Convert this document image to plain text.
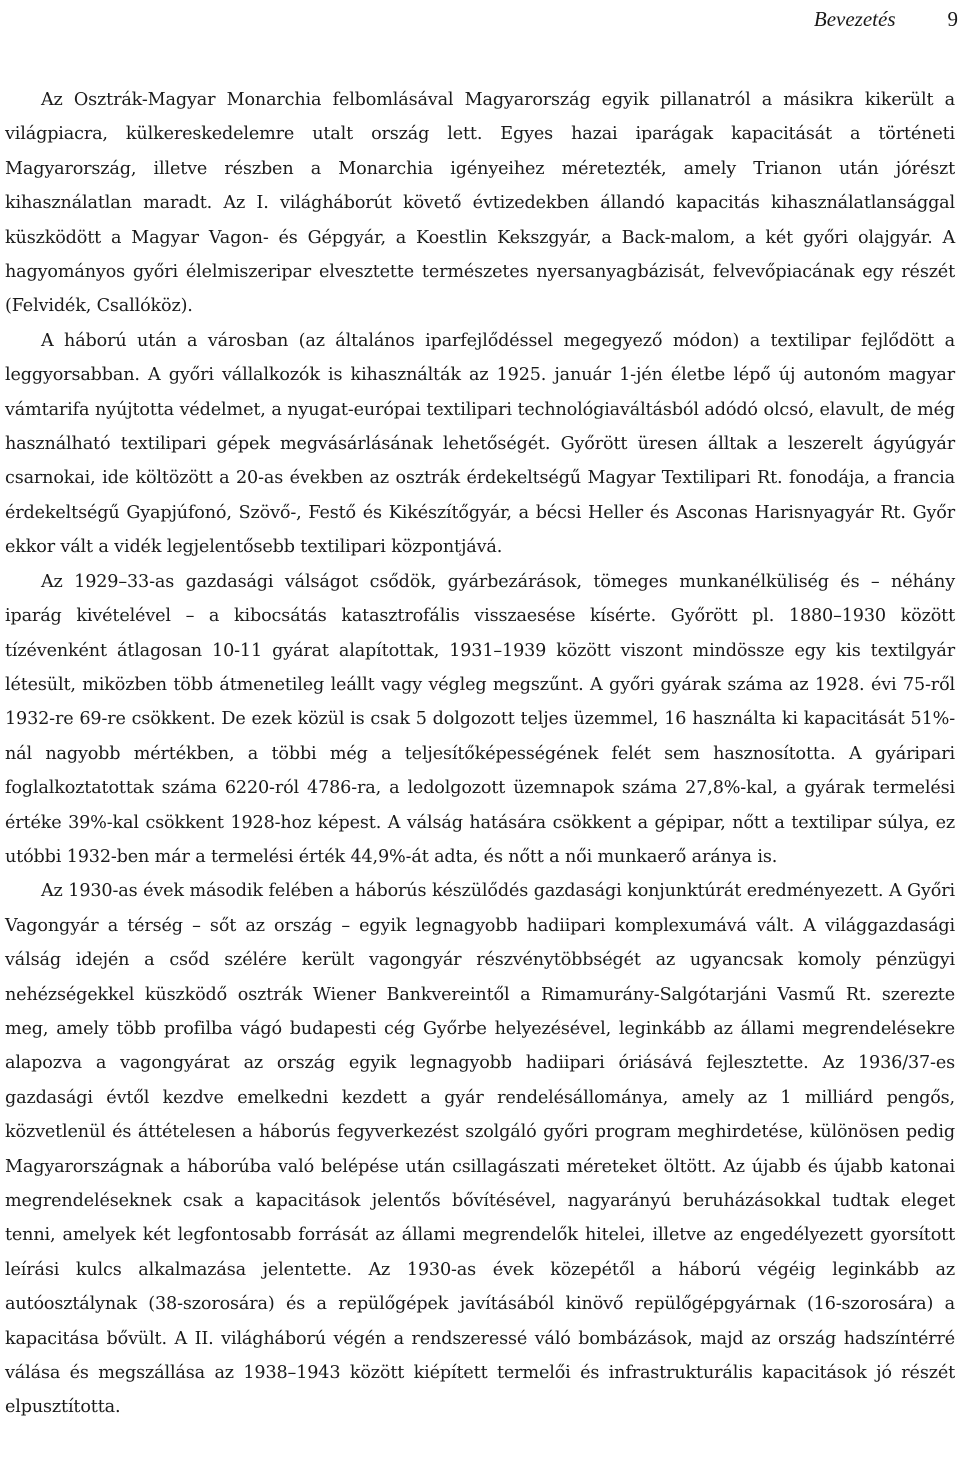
Bevezetés 9

Az Osztrák-Magyar Monarchia felbomlásával Magyarország egyik pillanatról a másikra kikerült a világpiacra, külkereskedelemre utalt ország lett. Egyes hazai iparágak kapacitását a történeti Magyarország, illetve részben a Monarchia igényeihez méretezték, amely Trianon után jórészt kihasználatlan maradt. Az I. világháborút követő évtizedekben állandó kapacitás kihasználatlansággal küszködött a Magyar Vagon- és Gépgyár, a Koestlin Kekszgyár, a Back-malom, a két győri olajgyár. A hagyományos győri élelmiszeripar elvesztette természetes nyersanyagbázisát, felvevőpiacának egy részét (Felvidék, Csallóköz).

A háború után a városban (az általános iparfejlődéssel megegyező módon) a textilipar fejlődött a leggyorsabban. A győri vállalkozók is kihasználták az 1925. január 1-jén életbe lépő új autonóm magyar vámtarifa nyújtotta védelmet, a nyugat-európai textilipari technológiaváltásból adódó olcsó, elavult, de még használható textilipari gépek megvásárlásának lehetőségét. Győrött üresen álltak a leszerelt ágyúgyár csarnokai, ide költözött a 20-as években az osztrák érdekeltségű Magyar Textilipari Rt. fonodája, a francia érdekeltségű Gyapjúfonó, Szövő-, Festő és Kikészítőgyár, a bécsi Heller és Asconas Harisnyagyár Rt. Győr ekkor vált a vidék legjelentősebb textilipari központjává.

Az 1929–33-as gazdasági válságot csődök, gyárbezárások, tömeges munkanélküliség és – néhány iparág kivételével – a kibocsátás katasztrofális visszaesése kísérte. Győrött pl. 1880–1930 között tízévenként átlagosan 10-11 gyárat alapítottak, 1931–1939 között viszont mindössze egy kis textilgyár létesült, miközben több átmenetileg leállt vagy végleg megszűnt. A győri gyárak száma az 1928. évi 75-ről 1932-re 69-re csökkent. De ezek közül is csak 5 dolgozott teljes üzemmel, 16 használta ki kapacitását 51%-nál nagyobb mértékben, a többi még a teljesítőképességének felét sem hasznosította. A gyáripari foglalkoztatottak száma 6220-ról 4786-ra, a ledolgozott üzemnapok száma 27,8%-kal, a gyárak termelési értéke 39%-kal csökkent 1928-hoz képest. A válság hatására csökkent a gépipar, nőtt a textilipar súlya, ez utóbbi 1932-ben már a termelési érték 44,9%-át adta, és nőtt a női munkaerő aránya is.

Az 1930-as évek második felében a háborús készülődés gazdasági konjunktúrát eredményezett. A Győri Vagongyár a térség – sőt az ország – egyik legnagyobb hadiipari komplexumává vált. A világgazdasági válság idején a csőd szélére került vagongyár részvénytöbbségét az ugyancsak komoly pénzügyi nehézségekkel küszködő osztrák Wiener Bankvereintől a Rimamurány-Salgótarjáni Vasmű Rt. szerezte meg, amely több profilba vágó budapesti cég Győrbe helyezésével, leginkább az állami megrendelésekre alapozva a vagongyárat az ország egyik legnagyobb hadiipari óriásává fejlesztette. Az 1936/37-es gazdasági évtől kezdve emelkedni kezdett a gyár rendelésállománya, amely az 1 milliárd pengős, közvetlenül és áttételesen a háborús fegyverkezést szolgáló győri program meghirdetése, különösen pedig Magyarországnak a háborúba való belépése után csillagászati méreteket öltött. Az újabb és újabb katonai megrendeléseknek csak a kapacitások jelentős bővítésével, nagyarányú beruházásokkal tudtak eleget tenni, amelyek két legfontosabb forrását az állami megrendelők hitelei, illetve az engedélyezett gyorsított leírási kulcs alkalmazása jelentette. Az 1930-as évek közepétől a háború végéig leginkább az autóosztálynak (38-szorosára) és a repülőgépek javításából kinövő repülőgépgyárnak (16-szorosára) a kapacitása bővült. A II. világháború végén a rendszeressé váló bombázások, majd az ország hadszíntérré válása és megszállása az 1938–1943 között kiépített termelői és infrastrukturális kapacitások jó részét elpusztította.
